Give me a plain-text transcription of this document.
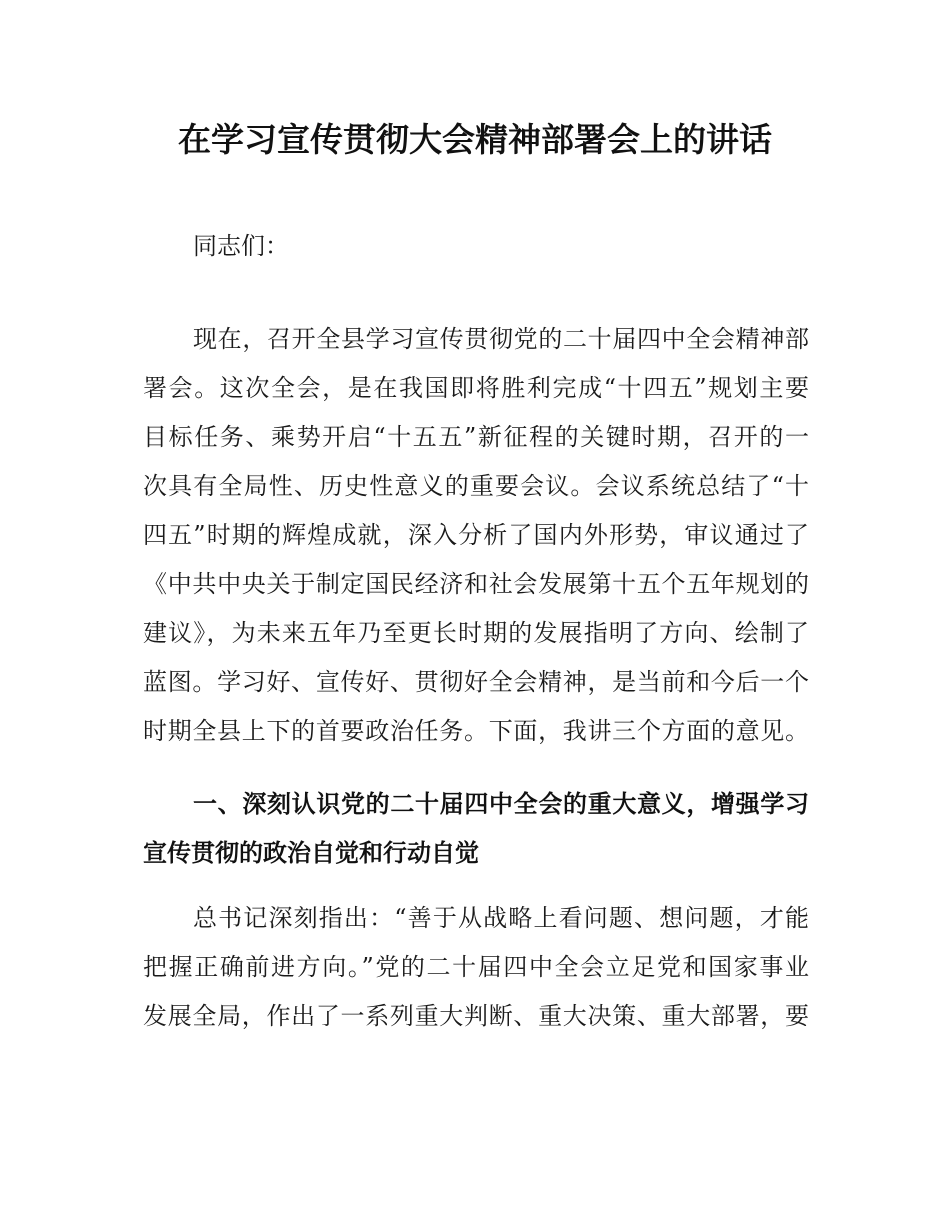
在学习宣传贯彻大会精神部署会上的讲话
同志们：
现在，召开全县学习宣传贯彻党的二十届四中全会精神部
署会。这次全会，是在我国即将胜利完成“十四五”规划主要
目标任务、乘势开启“十五五”新征程的关键时期，召开的一
次具有全局性、历史性意义的重要会议。会议系统总结了“十
四五”时期的辉煌成就，深入分析了国内外形势，审议通过了
《中共中央关于制定国民经济和社会发展第十五个五年规划的
建议》，为未来五年乃至更长时期的发展指明了方向、绘制了
蓝图。学习好、宣传好、贯彻好全会精神，是当前和今后一个
时期全县上下的首要政治任务。下面，我讲三个方面的意见。
一、深刻认识党的二十届四中全会的重大意义，增强学习
宣传贯彻的政治自觉和行动自觉
总书记深刻指出：“善于从战略上看问题、想问题，才能
把握正确前进方向。”党的二十届四中全会立足党和国家事业
发展全局，作出了一系列重大判断、重大决策、重大部署，要
